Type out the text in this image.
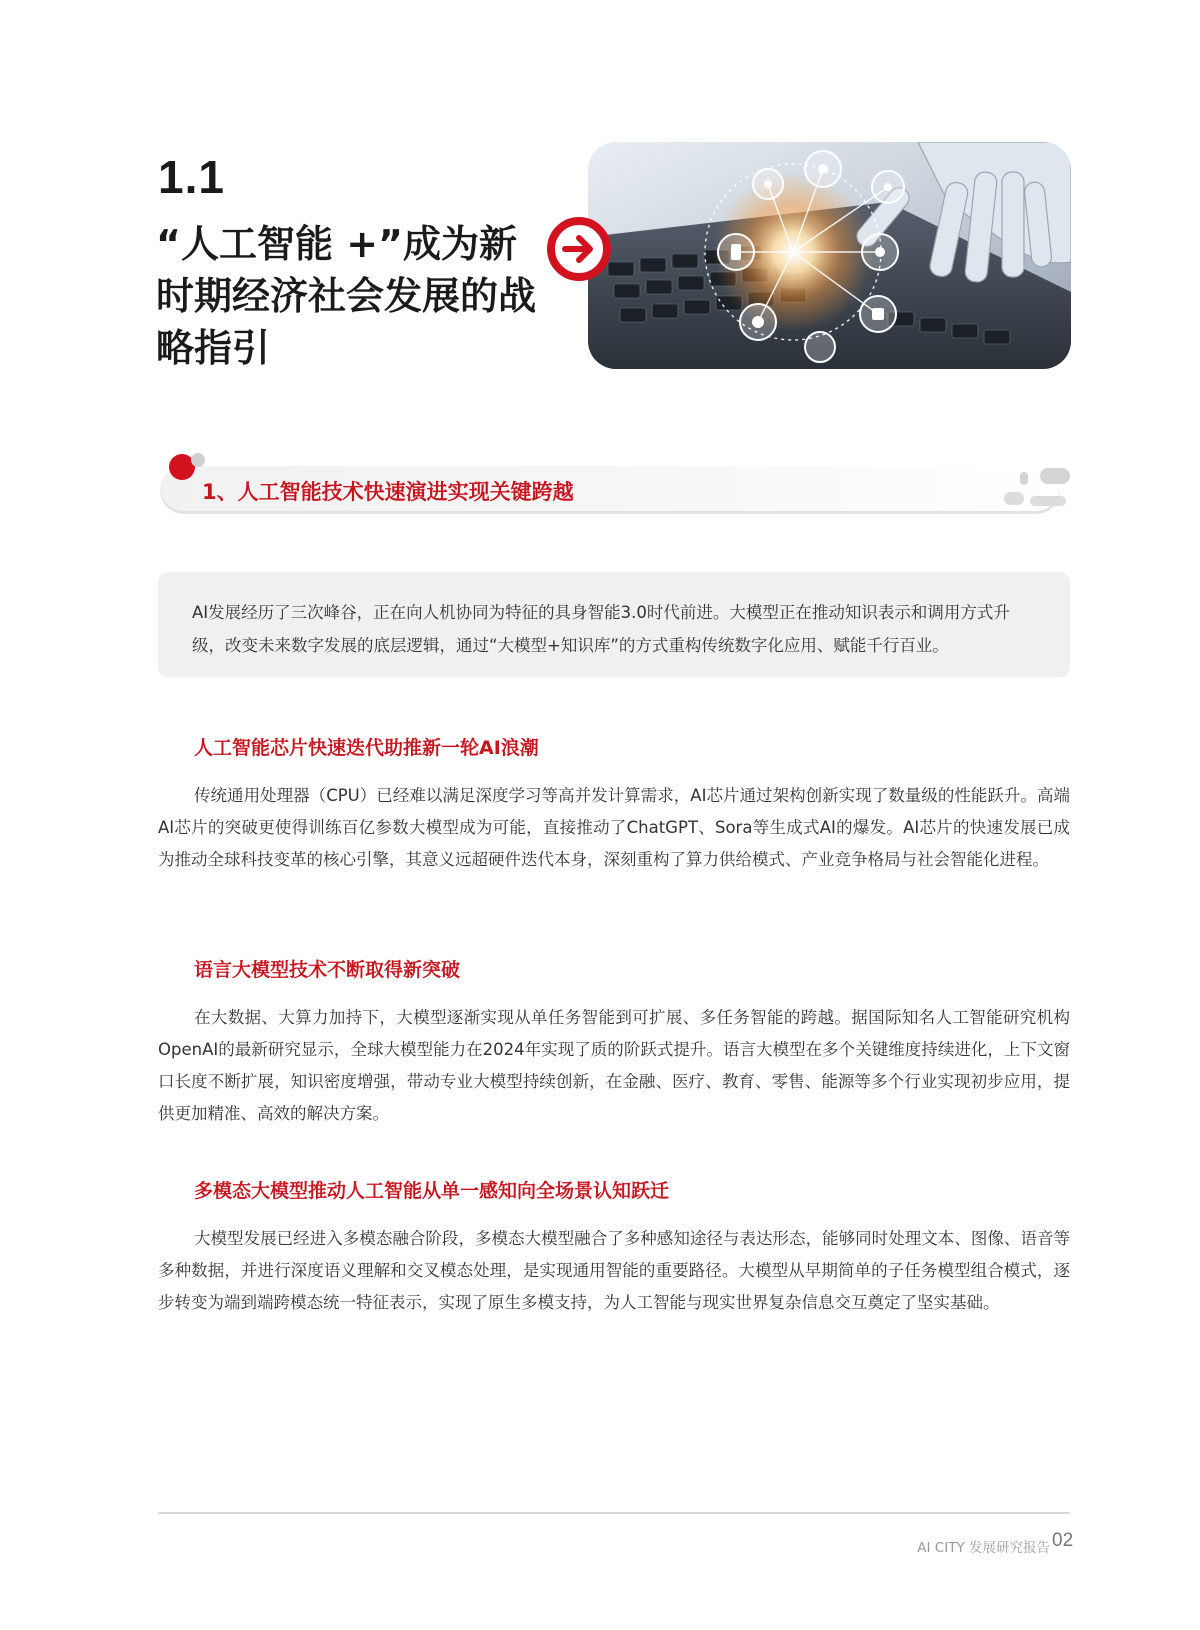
1.1
“人工智能 +”成为新时期经济社会发展的战略指引
1、人工智能技术快速演进实现关键跨越
AI发展经历了三次峰谷，正在向人机协同为特征的具身智能3.0时代前进。大模型正在推动知识表示和调用方式升级，改变未来数字发展的底层逻辑，通过“大模型+知识库”的方式重构传统数字化应用、赋能千行百业。
人工智能芯片快速迭代助推新一轮AI浪潮

传统通用处理器（CPU）已经难以满足深度学习等高并发计算需求，AI芯片通过架构创新实现了数量级的性能跃升。高端AI芯片的突破更使得训练百亿参数大模型成为可能，直接推动了ChatGPT、Sora等生成式AI的爆发。AI芯片的快速发展已成为推动全球科技变革的核心引擎，其意义远超硬件迭代本身，深刻重构了算力供给模式、产业竞争格局与社会智能化进程。

语言大模型技术不断取得新突破

在大数据、大算力加持下，大模型逐渐实现从单任务智能到可扩展、多任务智能的跨越。据国际知名人工智能研究机构OpenAI的最新研究显示，全球大模型能力在2024年实现了质的阶跃式提升。语言大模型在多个关键维度持续进化，上下文窗口长度不断扩展，知识密度增强，带动专业大模型持续创新，在金融、医疗、教育、零售、能源等多个行业实现初步应用，提供更加精准、高效的解决方案。

多模态大模型推动人工智能从单一感知向全场景认知跃迁

大模型发展已经进入多模态融合阶段，多模态大模型融合了多种感知途径与表达形态，能够同时处理文本、图像、语音等多种数据，并进行深度语义理解和交叉模态处理，是实现通用智能的重要路径。大模型从早期简单的子任务模型组合模式，逐步转变为端到端跨模态统一特征表示，实现了原生多模支持，为人工智能与现实世界复杂信息交互奠定了坚实基础。

AI CITY 发展研究报告 02
